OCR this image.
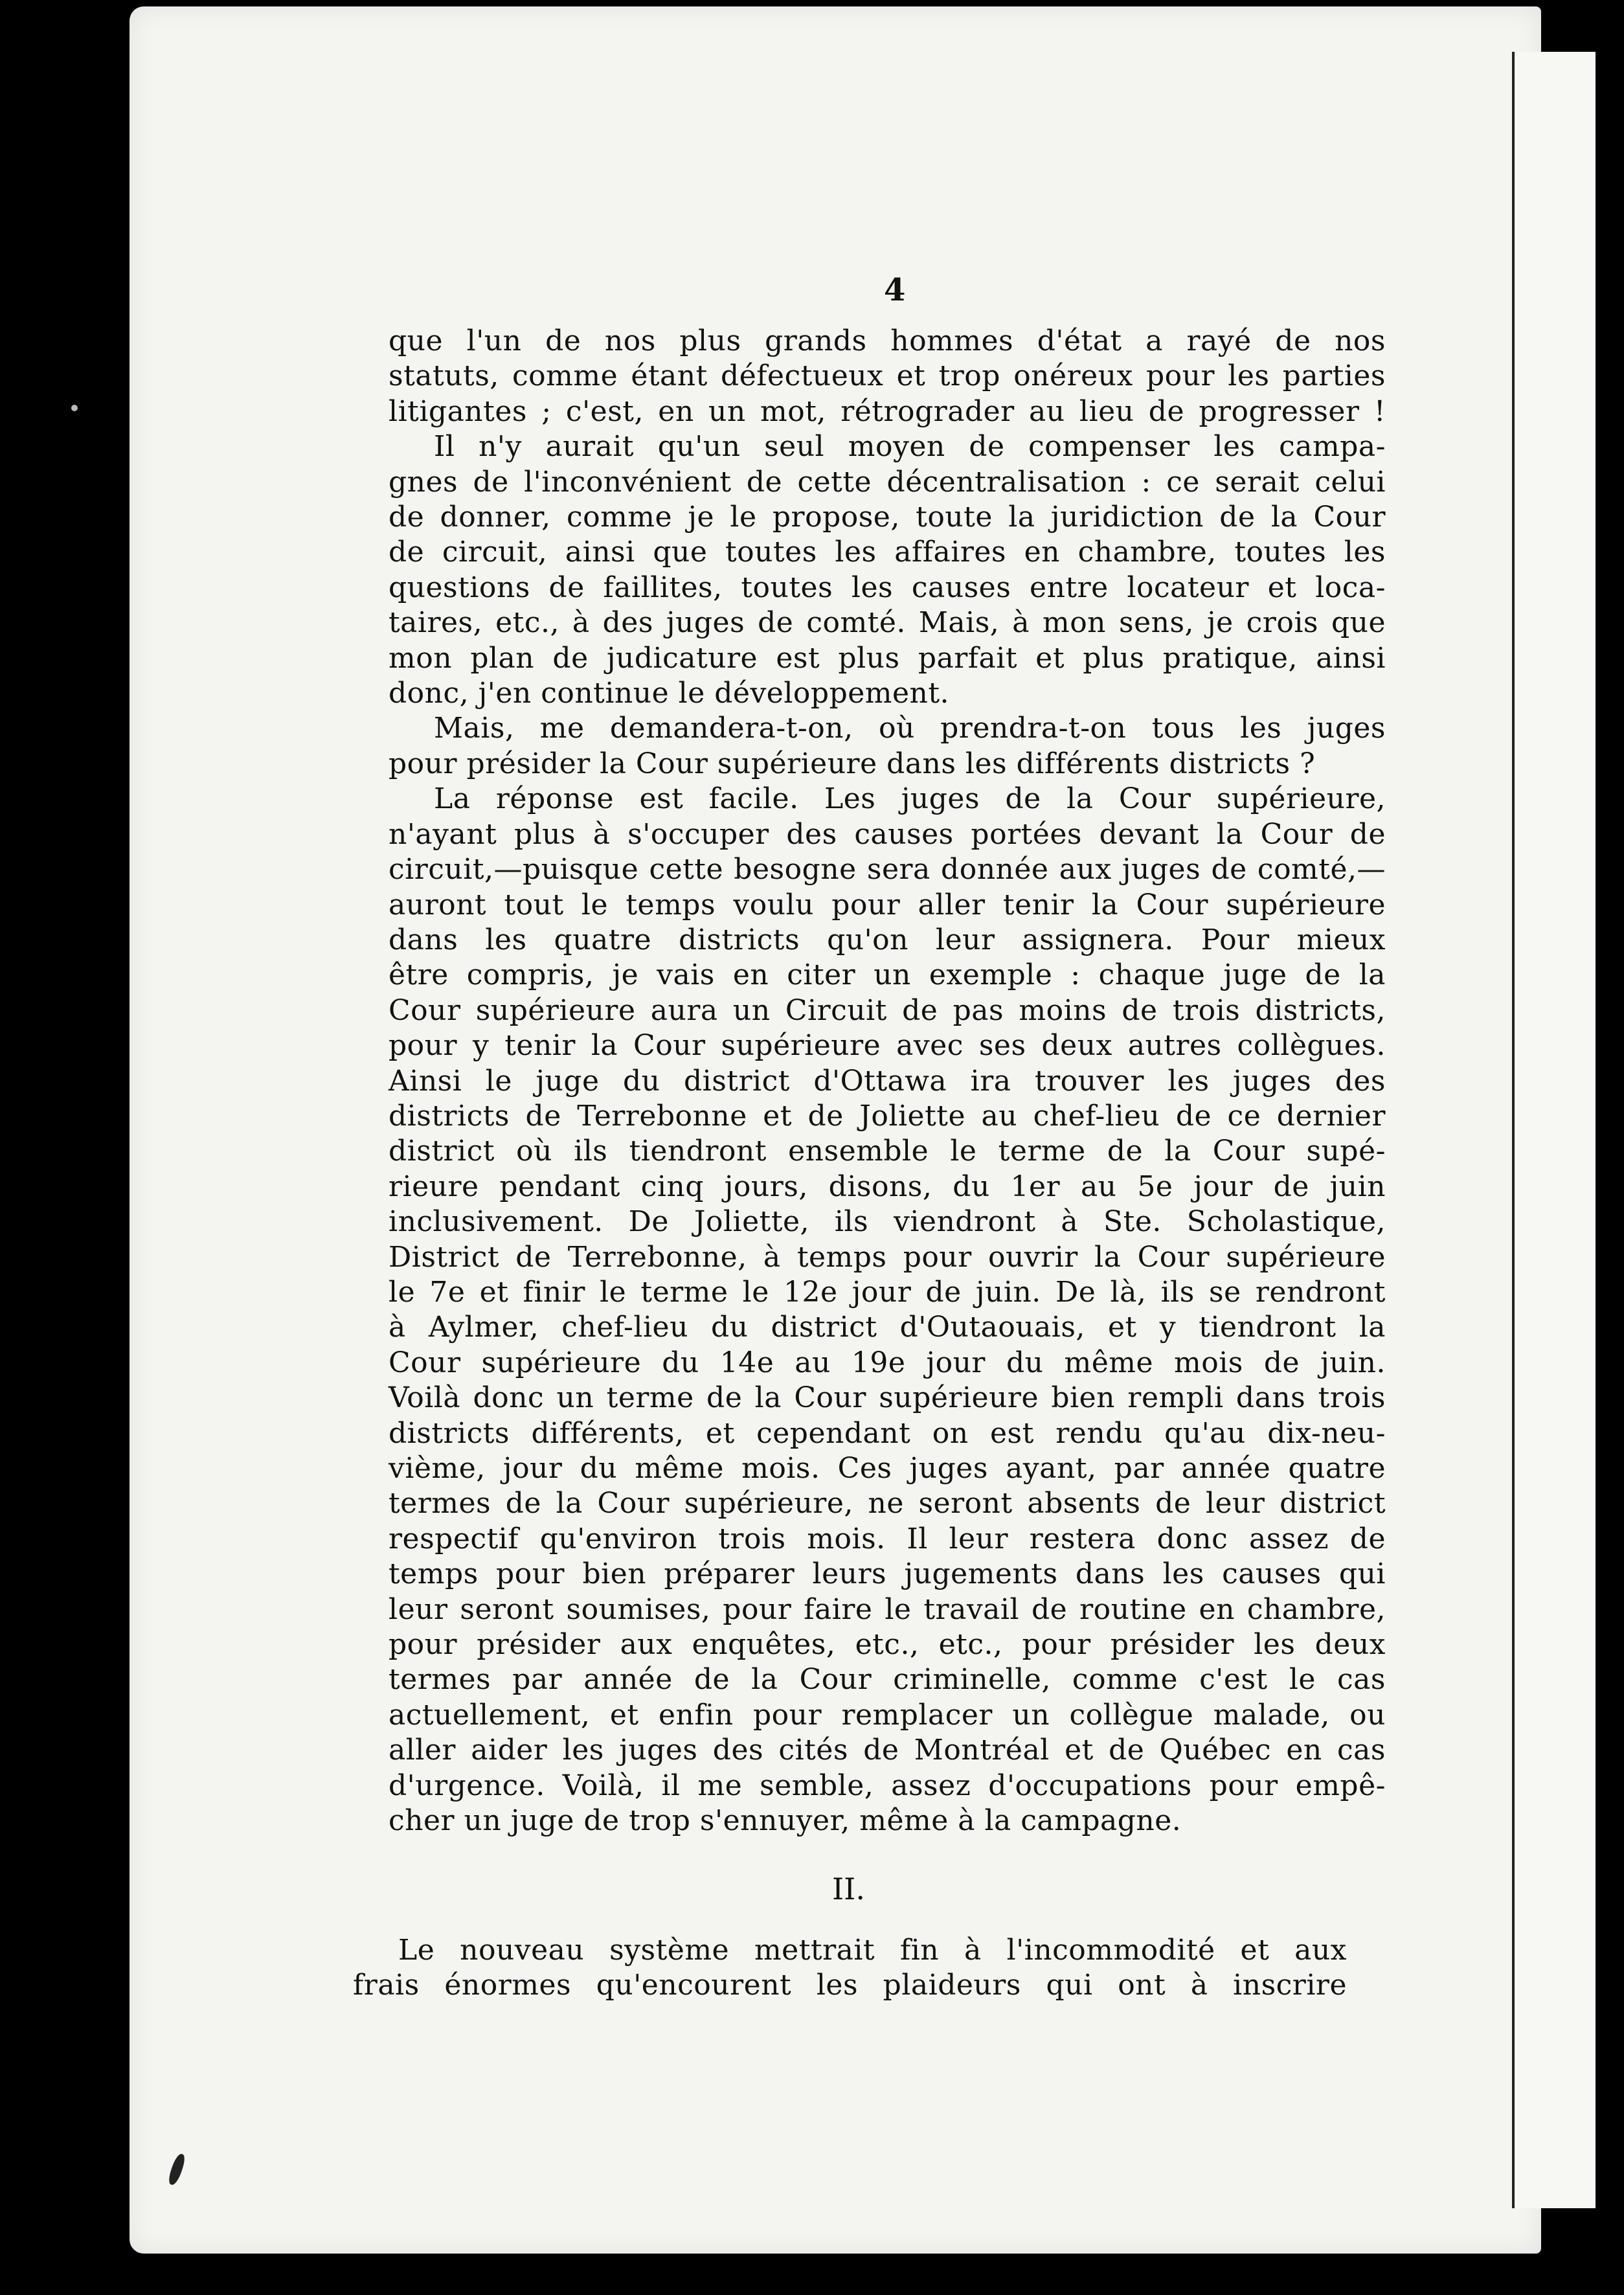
4
que l'un de nos plus grands hommes d'état a rayé de nos
statuts, comme étant défectueux et trop onéreux pour les parties
litigantes ; c'est, en un mot, rétrograder au lieu de progresser !
Il n'y aurait qu'un seul moyen de compenser les campa-
gnes de l'inconvénient de cette décentralisation : ce serait celui
de donner, comme je le propose, toute la juridiction de la Cour
de circuit, ainsi que toutes les affaires en chambre, toutes les
questions de faillites, toutes les causes entre locateur et loca-
taires, etc., à des juges de comté. Mais, à mon sens, je crois que
mon plan de judicature est plus parfait et plus pratique, ainsi
donc, j'en continue le développement.
Mais, me demandera-t-on, où prendra-t-on tous les juges
pour présider la Cour supérieure dans les différents districts ?
La réponse est facile. Les juges de la Cour supérieure,
n'ayant plus à s'occuper des causes portées devant la Cour de
circuit,—puisque cette besogne sera donnée aux juges de comté,—
auront tout le temps voulu pour aller tenir la Cour supérieure
dans les quatre districts qu'on leur assignera. Pour mieux
être compris, je vais en citer un exemple : chaque juge de la
Cour supérieure aura un Circuit de pas moins de trois districts,
pour y tenir la Cour supérieure avec ses deux autres collègues.
Ainsi le juge du district d'Ottawa ira trouver les juges des
districts de Terrebonne et de Joliette au chef-lieu de ce dernier
district où ils tiendront ensemble le terme de la Cour supé-
rieure pendant cinq jours, disons, du 1er au 5e jour de juin
inclusivement. De Joliette, ils viendront à Ste. Scholastique,
District de Terrebonne, à temps pour ouvrir la Cour supérieure
le 7e et finir le terme le 12e jour de juin. De là, ils se rendront
à Aylmer, chef-lieu du district d'Outaouais, et y tiendront la
Cour supérieure du 14e au 19e jour du même mois de juin.
Voilà donc un terme de la Cour supérieure bien rempli dans trois
districts différents, et cependant on est rendu qu'au dix-neu-
vième, jour du même mois. Ces juges ayant, par année quatre
termes de la Cour supérieure, ne seront absents de leur district
respectif qu'environ trois mois. Il leur restera donc assez de
temps pour bien préparer leurs jugements dans les causes qui
leur seront soumises, pour faire le travail de routine en chambre,
pour présider aux enquêtes, etc., etc., pour présider les deux
termes par année de la Cour criminelle, comme c'est le cas
actuellement, et enfin pour remplacer un collègue malade, ou
aller aider les juges des cités de Montréal et de Québec en cas
d'urgence. Voilà, il me semble, assez d'occupations pour empê-
cher un juge de trop s'ennuyer, même à la campagne.
II.
Le nouveau système mettrait fin à l'incommodité et aux
frais énormes qu'encourent les plaideurs qui ont à inscrire
